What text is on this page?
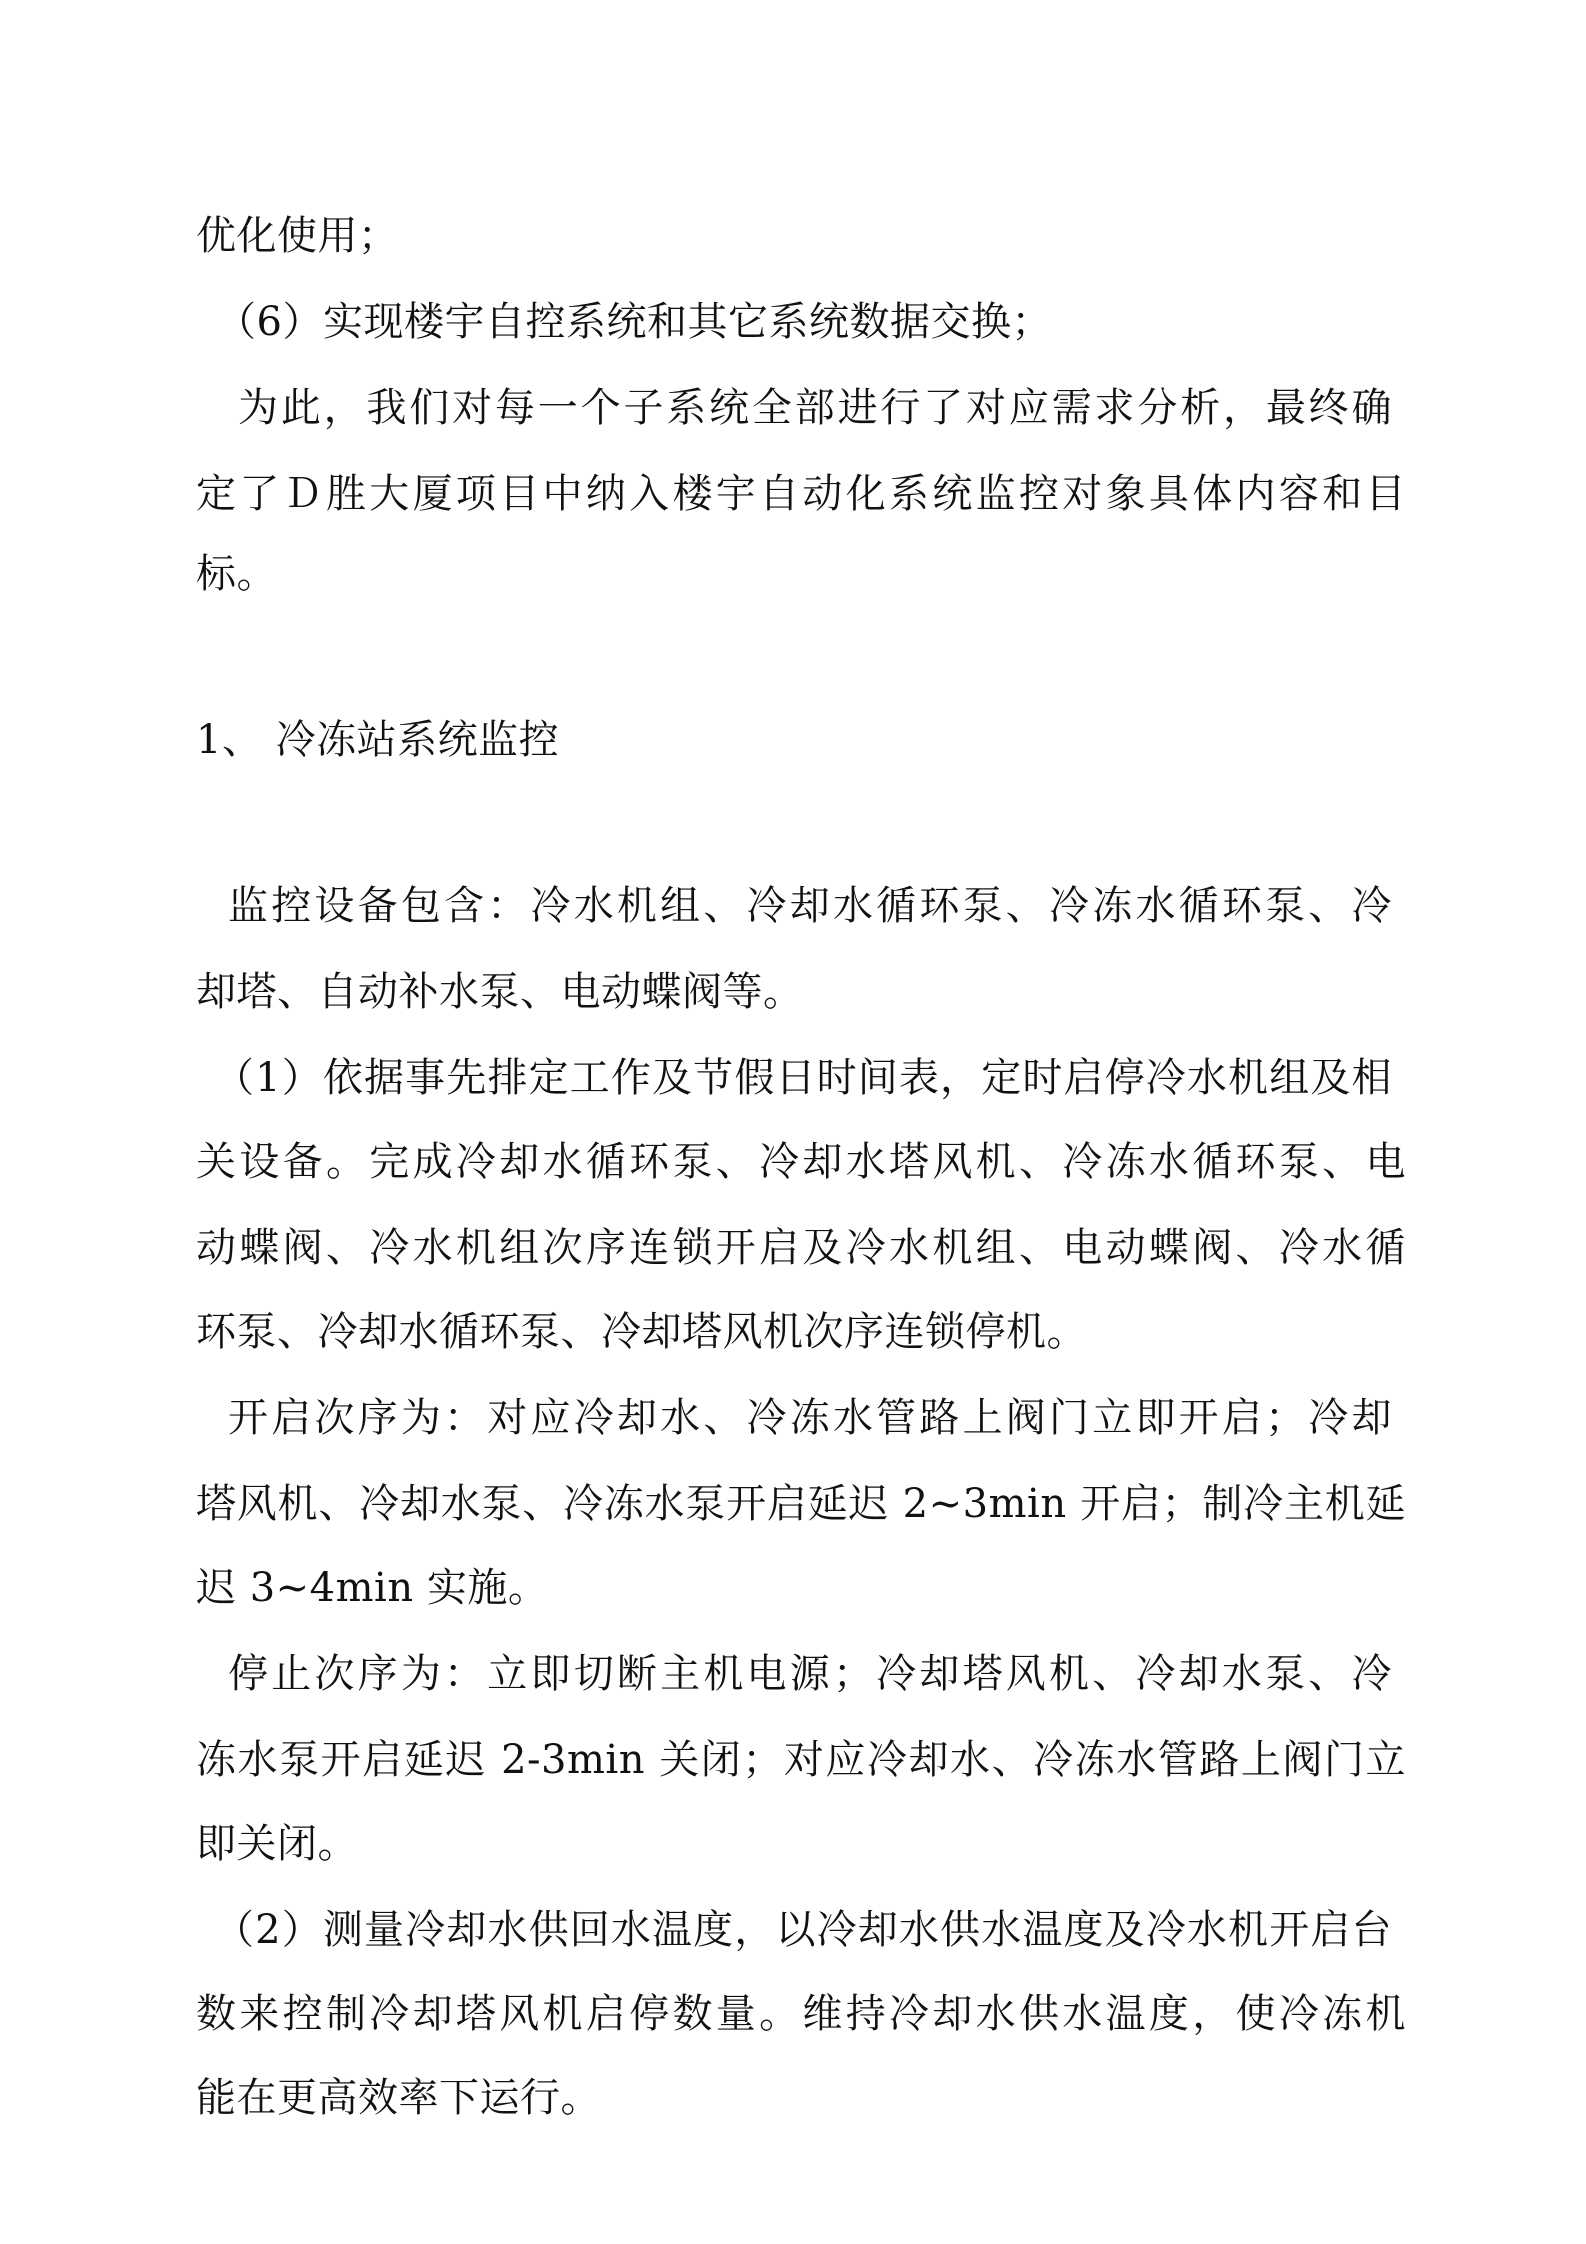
优化使用；
（6）实现楼宇自控系统和其它系统数据交换；
为此，我们对每一个子系统全部进行了对应需求分析，最终确
定了Ｄ胜大厦项目中纳入楼宇自动化系统监控对象具体内容和目
标。
1、 冷冻站系统监控
监控设备包含：冷水机组、冷却水循环泵、冷冻水循环泵、冷
却塔、自动补水泵、电动蝶阀等。
（1）依据事先排定工作及节假日时间表，定时启停冷水机组及相
关设备。完成冷却水循环泵、冷却水塔风机、冷冻水循环泵、电
动蝶阀、冷水机组次序连锁开启及冷水机组、电动蝶阀、冷水循
环泵、冷却水循环泵、冷却塔风机次序连锁停机。
开启次序为：对应冷却水、冷冻水管路上阀门立即开启；冷却
塔风机、冷却水泵、冷冻水泵开启延迟 2~3min 开启；制冷主机延
迟 3~4min 实施。
停止次序为：立即切断主机电源；冷却塔风机、冷却水泵、冷
冻水泵开启延迟 2-3min 关闭；对应冷却水、冷冻水管路上阀门立
即关闭。
（2）测量冷却水供回水温度，以冷却水供水温度及冷水机开启台
数来控制冷却塔风机启停数量。维持冷却水供水温度，使冷冻机
能在更高效率下运行。
